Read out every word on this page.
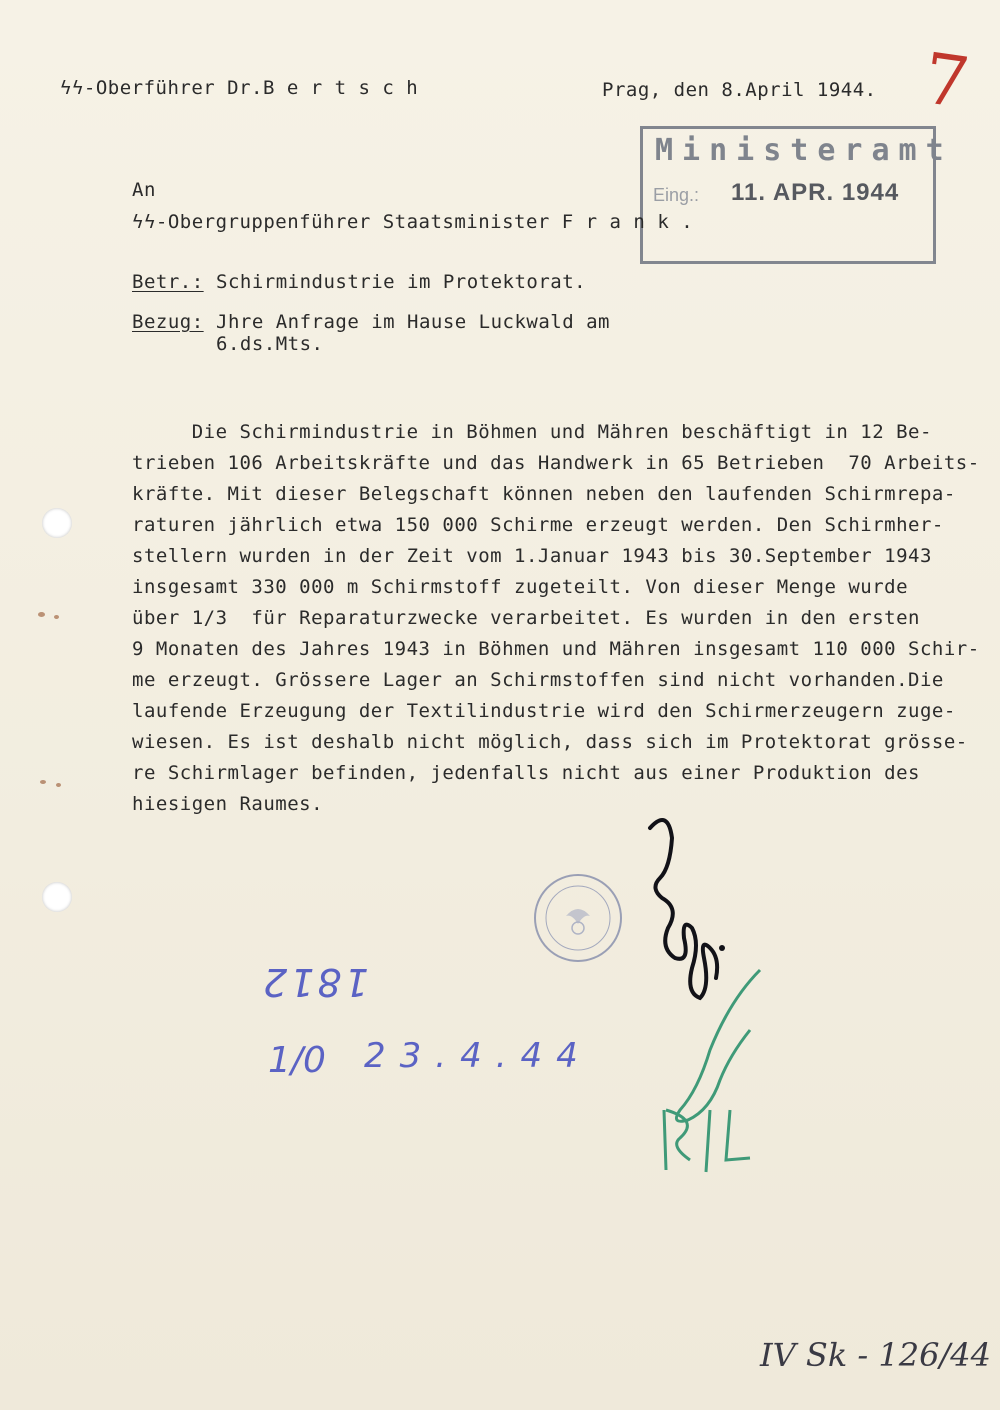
ϟϟ-Oberführer Dr.B e r t s c h	Prag, den 8.April 1944. 7
Ministeramt
Eing.: 11. APR. 1944
An
ϟϟ-Obergruppenführer Staatsminister F r a n k .
Betr.: Schirmindustrie im Protektorat.
Bezug: Jhre Anfrage im Hause Luckwald am
6.ds.Mts.
Die Schirmindustrie in Böhmen und Mähren beschäftigt in 12 Be-
trieben 106 Arbeitskräfte und das Handwerk in 65 Betrieben  70 Arbeits-
kräfte. Mit dieser Belegschaft können neben den laufenden Schirmrepa-
raturen jährlich etwa 150 000 Schirme erzeugt werden. Den Schirmher-
stellern wurden in der Zeit vom 1.Januar 1943 bis 30.September 1943
insgesamt 330 000 m Schirmstoff zugeteilt. Von dieser Menge wurde
über 1/3  für Reparaturzwecke verarbeitet. Es wurden in den ersten
9 Monaten des Jahres 1943 in Böhmen und Mähren insgesamt 110 000 Schir-
me erzeugt. Grössere Lager an Schirmstoffen sind nicht vorhanden.Die
laufende Erzeugung der Textilindustrie wird den Schirmerzeugern zuge-
wiesen. Es ist deshalb nicht möglich, dass sich im Protektorat grösse-
re Schirmlager befinden, jedenfalls nicht aus einer Produktion des
hiesigen Raumes.
1812
23.4.44
1/0
IV Sk - 126/44
